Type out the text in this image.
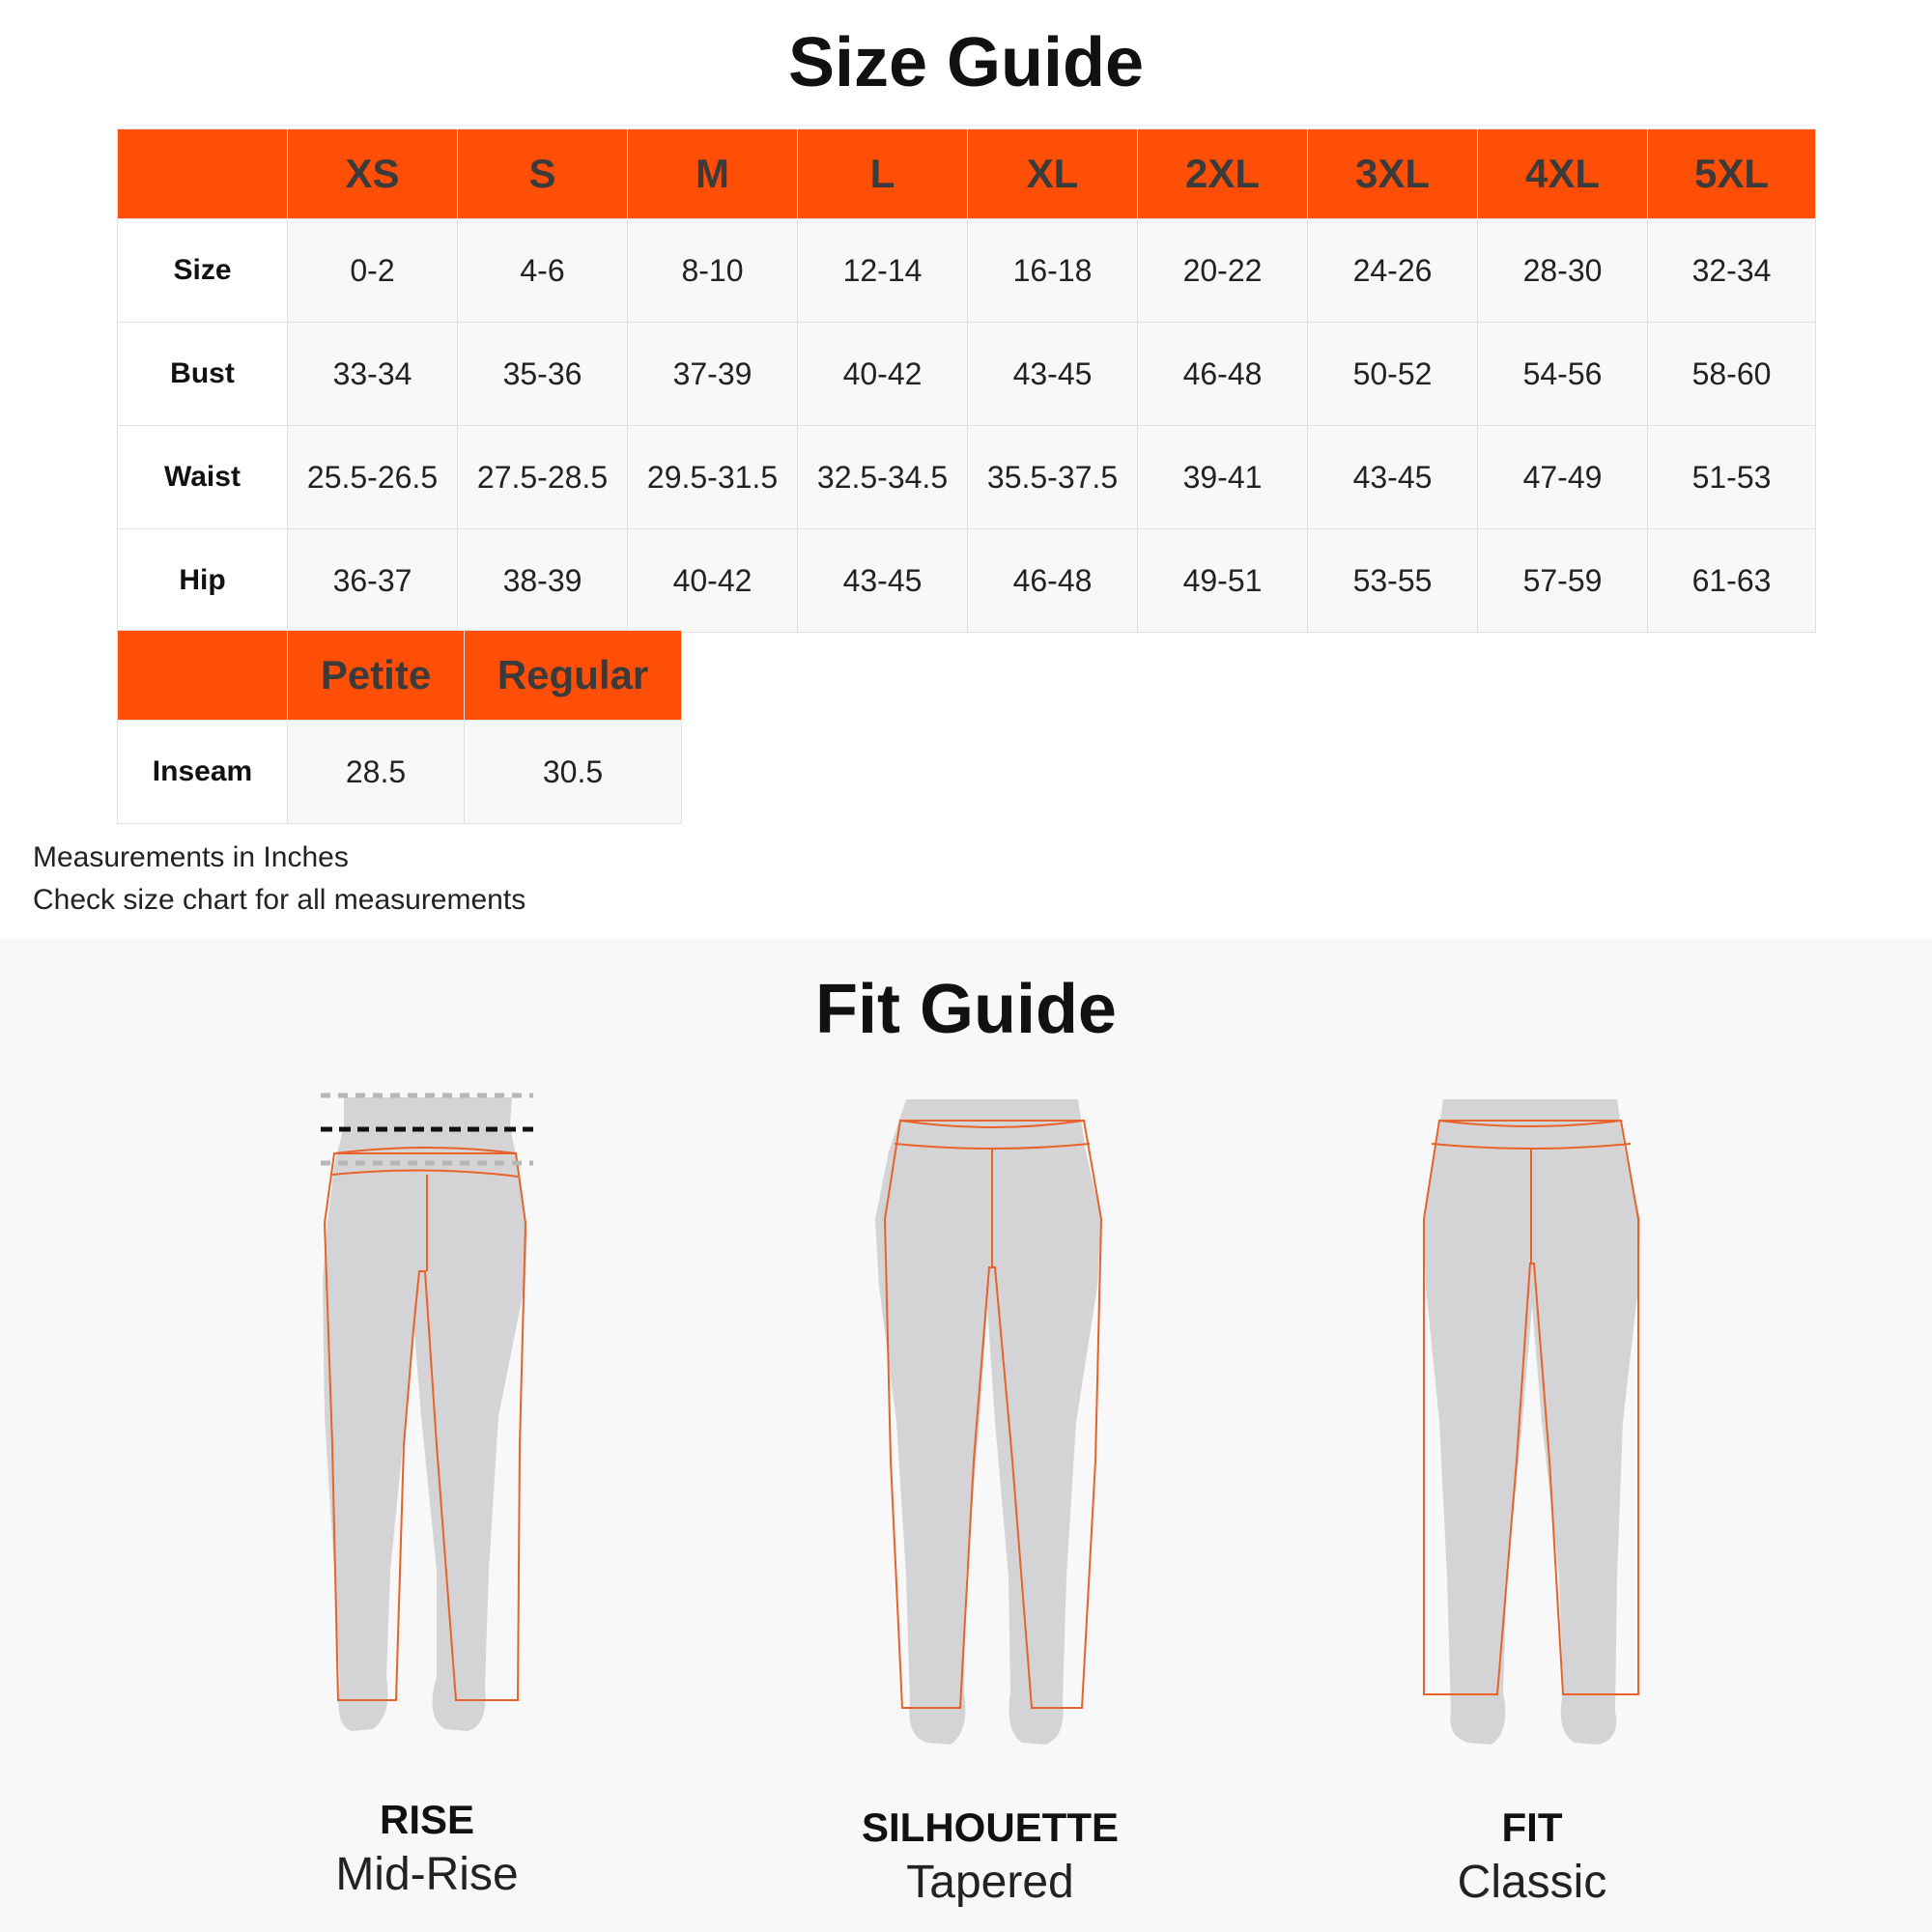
Size Guide
	XS	S	M	L	XL	2XL	3XL	4XL	5XL
Size	0-2	4-6	8-10	12-14	16-18	20-22	24-26	28-30	32-34
Bust	33-34	35-36	37-39	40-42	43-45	46-48	50-52	54-56	58-60
Waist	25.5-26.5	27.5-28.5	29.5-31.5	32.5-34.5	35.5-37.5	39-41	43-45	47-49	51-53
Hip	36-37	38-39	40-42	43-45	46-48	49-51	53-55	57-59	61-63
	Petite	Regular
Inseam	28.5	30.5
Measurements in Inches
Check size chart for all measurements
Fit Guide
RISE
Mid-Rise
SILHOUETTE
Tapered
FIT
Classic
